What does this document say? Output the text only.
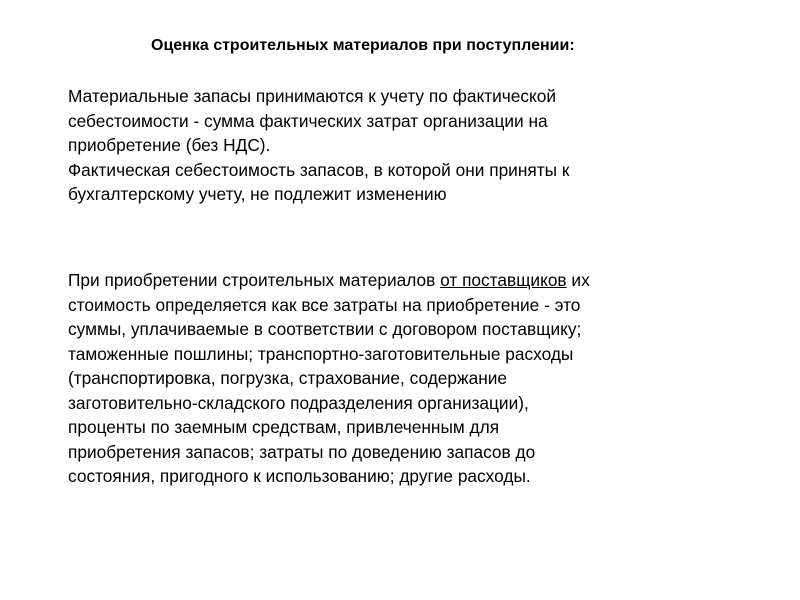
Оценка строительных материалов при поступлении:

Материальные запасы принимаются к учету по фактической
себестоимости - сумма фактических затрат организации на
приобретение (без НДС).
Фактическая себестоимость запасов, в которой они приняты к
бухгалтерскому учету, не подлежит изменению

При приобретении строительных материалов от поставщиков их
стоимость определяется как все затраты на приобретение - это
суммы, уплачиваемые в соответствии с договором поставщику;
таможенные пошлины; транспортно-заготовительные расходы
(транспортировка, погрузка, страхование, содержание
заготовительно-складского подразделения организации),
проценты по заемным средствам, привлеченным для
приобретения запасов; затраты по доведению запасов до
состояния, пригодного к использованию; другие расходы.
